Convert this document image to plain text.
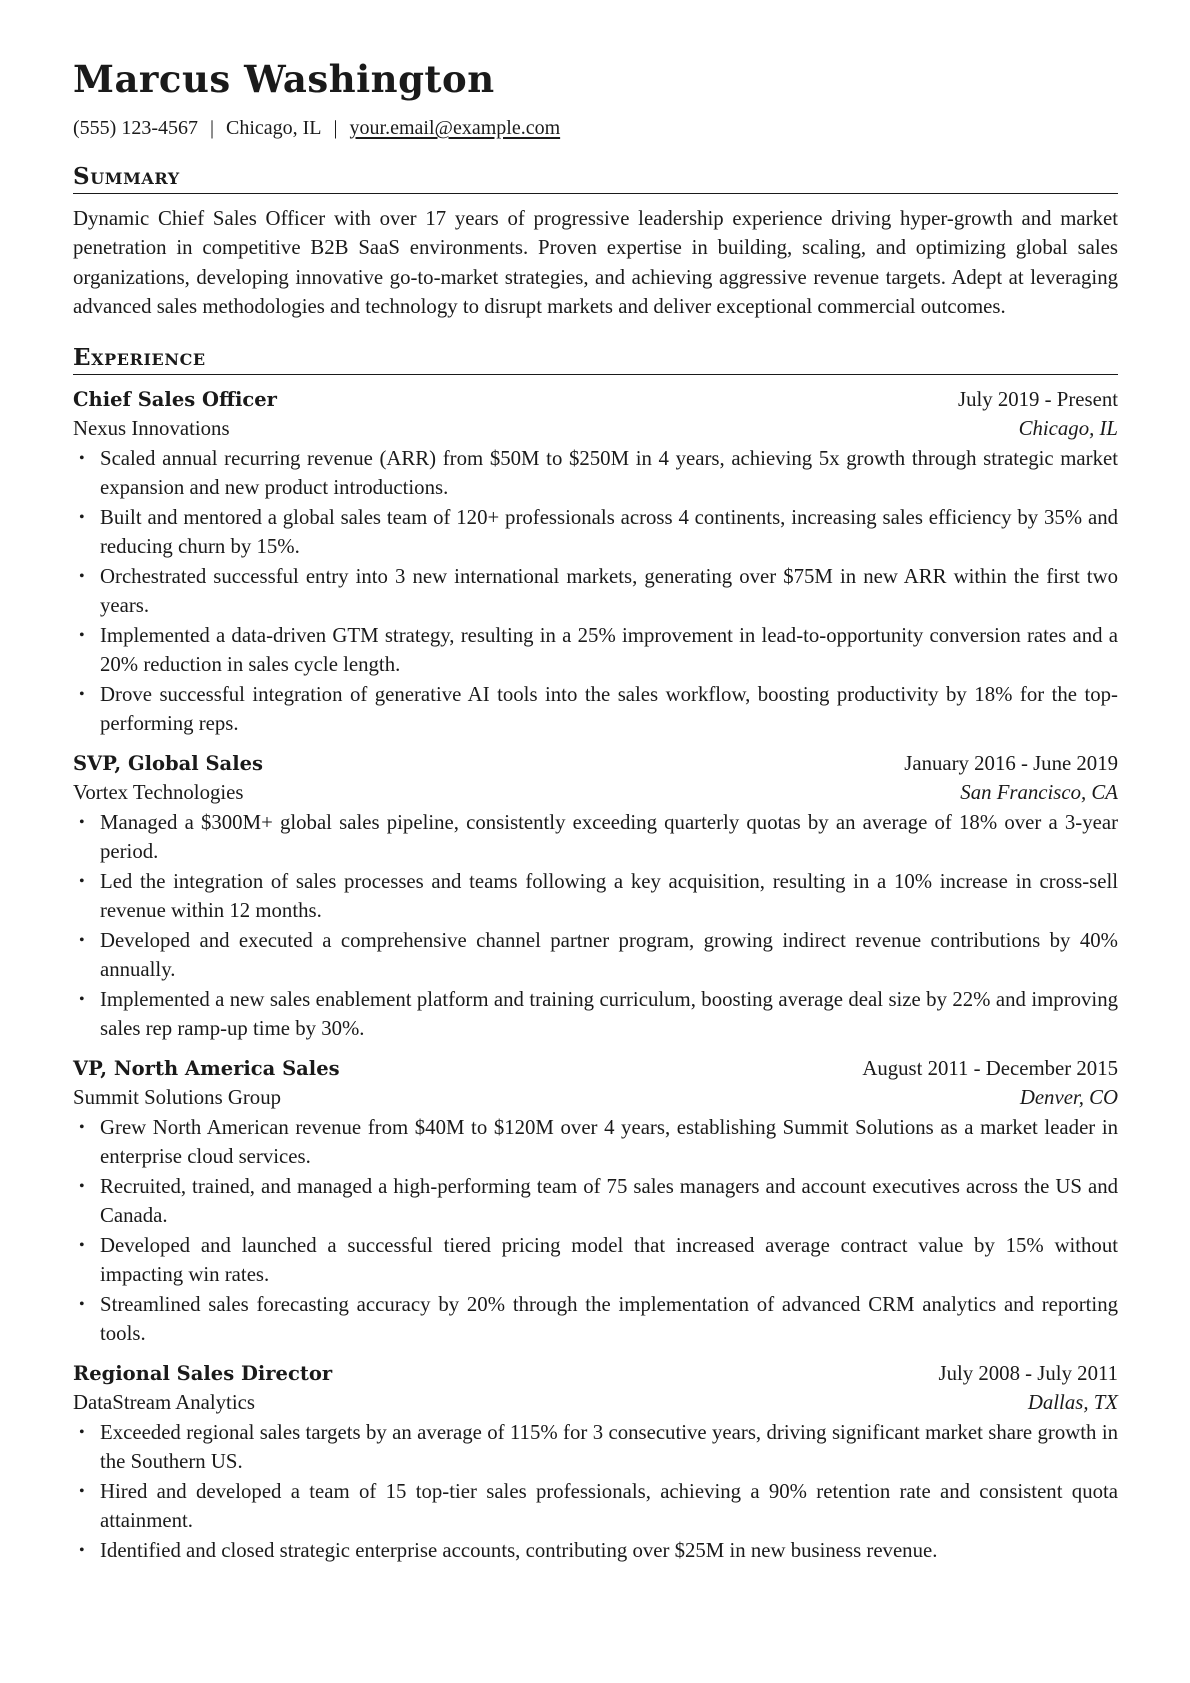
Marcus Washington
(555) 123-4567 | Chicago, IL | your.email@example.com
Summary

Dynamic Chief Sales Officer with over 17 years of progressive leadership experience driving hyper-growth and market penetration in competitive B2B SaaS environments. Proven expertise in building, scaling, and optimizing global sales organizations, developing innovative go-to-market strategies, and achieving aggressive revenue targets. Adept at leveraging advanced sales methodologies and technology to disrupt markets and deliver exceptional commercial outcomes.

Experience
Chief Sales Officer	July 2019 - Present
Nexus Innovations	Chicago, IL
• Scaled annual recurring revenue (ARR) from $50M to $250M in 4 years, achieving 5x growth through strategic market expansion and new product introductions.
• Built and mentored a global sales team of 120+ professionals across 4 continents, increasing sales efficiency by 35% and reducing churn by 15%.
• Orchestrated successful entry into 3 new international markets, generating over $75M in new ARR within the first two years.
• Implemented a data-driven GTM strategy, resulting in a 25% improvement in lead-to-opportunity conversion rates and a 20% reduction in sales cycle length.
• Drove successful integration of generative AI tools into the sales workflow, boosting productivity by 18% for the top-performing reps.
SVP, Global Sales	January 2016 - June 2019
Vortex Technologies	San Francisco, CA
• Managed a $300M+ global sales pipeline, consistently exceeding quarterly quotas by an average of 18% over a 3-year period.
• Led the integration of sales processes and teams following a key acquisition, resulting in a 10% increase in cross-sell revenue within 12 months.
• Developed and executed a comprehensive channel partner program, growing indirect revenue contributions by 40% annually.
• Implemented a new sales enablement platform and training curriculum, boosting average deal size by 22% and improving sales rep ramp-up time by 30%.
VP, North America Sales	August 2011 - December 2015
Summit Solutions Group	Denver, CO
• Grew North American revenue from $40M to $120M over 4 years, establishing Summit Solutions as a market leader in enterprise cloud services.
• Recruited, trained, and managed a high-performing team of 75 sales managers and account executives across the US and Canada.
• Developed and launched a successful tiered pricing model that increased average contract value by 15% without impacting win rates.
• Streamlined sales forecasting accuracy by 20% through the implementation of advanced CRM analytics and reporting tools.
Regional Sales Director	July 2008 - July 2011
DataStream Analytics	Dallas, TX
• Exceeded regional sales targets by an average of 115% for 3 consecutive years, driving significant market share growth in the Southern US.
• Hired and developed a team of 15 top-tier sales professionals, achieving a 90% retention rate and consistent quota attainment.
• Identified and closed strategic enterprise accounts, contributing over $25M in new business revenue.
